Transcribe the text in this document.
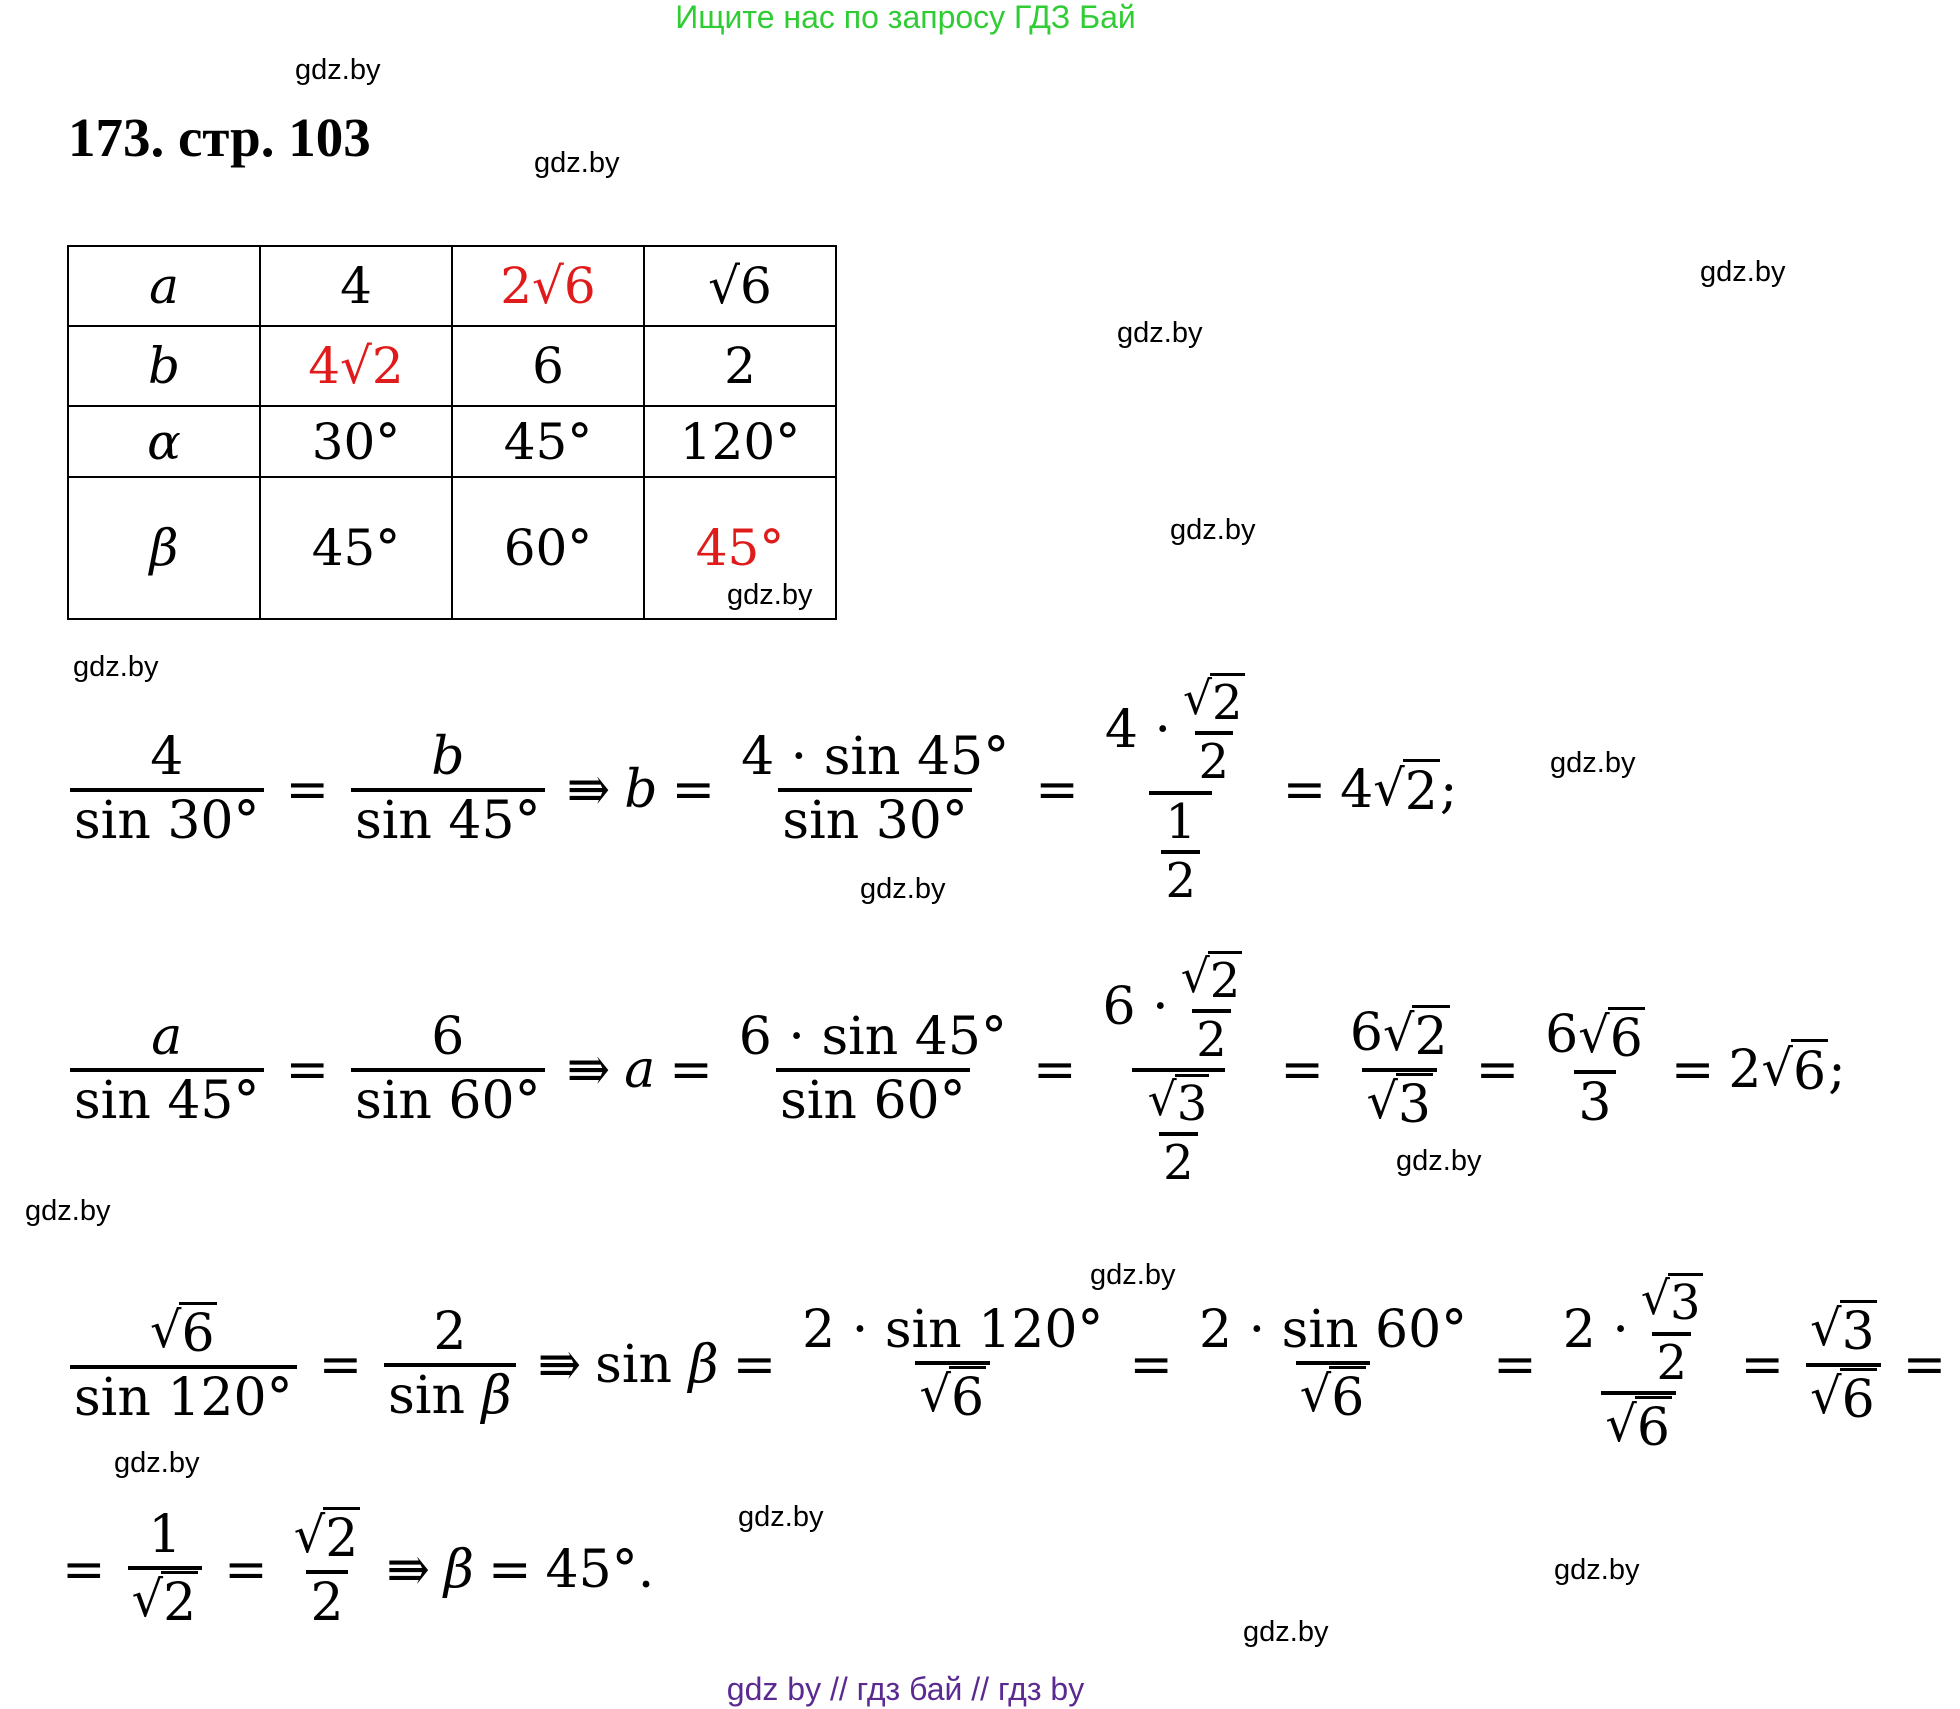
Ищите нас по запросу ГДЗ Бай
gdz.by
gdz.by
gdz.by
gdz.by
gdz.by
gdz.by
gdz.by
gdz.by
gdz.by
gdz.by
gdz.by
gdz.by
gdz.by
gdz.by
gdz.by
gdz.by
173. стр. 103
a	4	2√6	√6
b	4√2	6	2
α	30°	45°	120°
β	45°	60°	45°
$\frac{4}{\sin 30^\circ} = \frac{b}{\sin 45^\circ}$ ⇛ $b = \frac{4 \cdot \sin 45^\circ}{\sin 30^\circ} = \frac{4 \cdot \frac{√ 2}{2}}{\frac{1}{2}} = 4$ √ 2 ;
$\frac{a}{\sin 45^\circ} = \frac{6}{\sin 60^\circ}$ ⇛ $a = \frac{6 \cdot \sin 45^\circ}{\sin 60^\circ} = \frac{6 \cdot \frac{√ 2}{2}}{\frac{√ 3}{2}} = \frac{6 √ 2}{√ 3} = \frac{6 √ 6}{3} = 2$ √ 6 ;
$\frac{√ 6}{\sin 120^\circ} = \frac{2}{\text{sin β}}$ ⇛ $\sin \beta = \frac{2 \cdot \sin 120^\circ}{√ 6} = \frac{2 \cdot \sin 60^\circ}{√ 6} = \frac{2 \cdot \frac{√ 3}{2}}{√ 6} = \frac{√ 3}{√ 6}$ =
= $\frac{1}{√ 2} = \frac{√ 2}{2}$ ⇛ β = 45°.
gdz by // гдз бай // гдз by
